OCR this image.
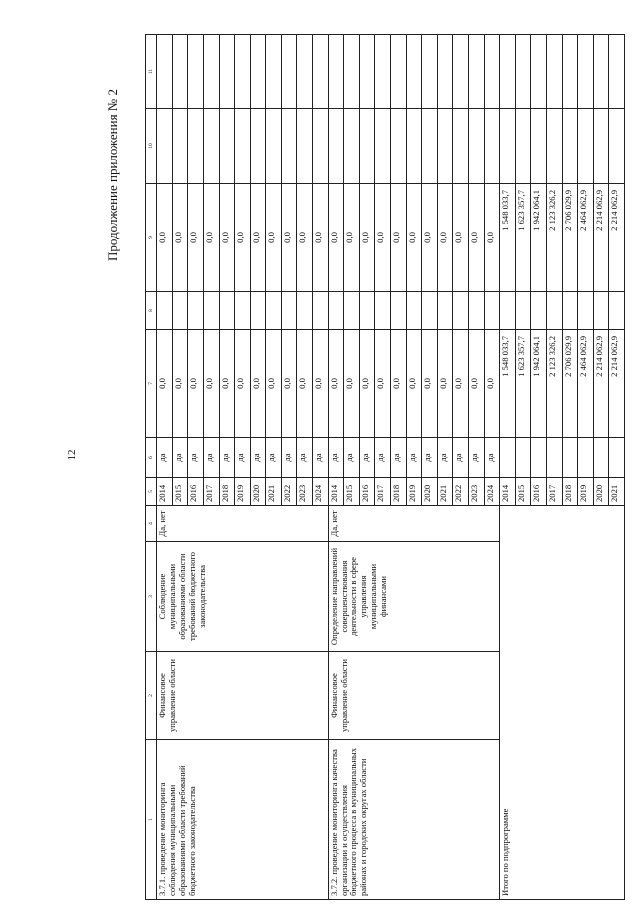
12
Продолжение приложения № 2
1	2	3	4	5	6	7	8	9	10	11
3.7.1. проведение мониторинга соблюдения муниципальными образованиями области требований бюджетного законодательства	Финансовое управление области	Соблюдение муниципальными образованиями области требований бюджетного законодательства	Да, нет	2014	да	0,0		0,0		
				2015	да	0,0		0,0		
				2016	да	0,0		0,0		
				2017	да	0,0		0,0		
				2018	да	0,0		0,0		
				2019	да	0,0		0,0		
				2020	да	0,0		0,0		
				2021	да	0,0		0,0		
				2022	да	0,0		0,0		
				2023	да	0,0		0,0		
				2024	да	0,0		0,0		
3.7.2. проведение мониторинга качества организации и осуществления бюджетного процесса в муниципальных районах и городских округах области	Финансовое управление области	Определение направлений совершенствования деятельности в сфере управления муниципальными финансами	Да, нет	2014	да	0,0		0,0		
				2015	да	0,0		0,0		
				2016	да	0,0		0,0		
				2017	да	0,0		0,0		
				2018	да	0,0		0,0		
				2019	да	0,0		0,0		
				2020	да	0,0		0,0		
				2021	да	0,0		0,0		
				2022	да	0,0		0,0		
				2023	да	0,0		0,0		
				2024	да	0,0		0,0		
Итого по подпрограмме				2014		1 548 033,7		1 548 033,7		
				2015		1 623 357,7		1 623 357,7		
				2016		1 942 064,1		1 942 064,1		
				2017		2 123 326,2		2 123 326,2		
				2018		2 706 029,9		2 706 029,9		
				2019		2 464 062,9		2 464 062,9		
				2020		2 214 062,9		2 214 062,9		
				2021		2 214 062,9		2 214 062,9		
